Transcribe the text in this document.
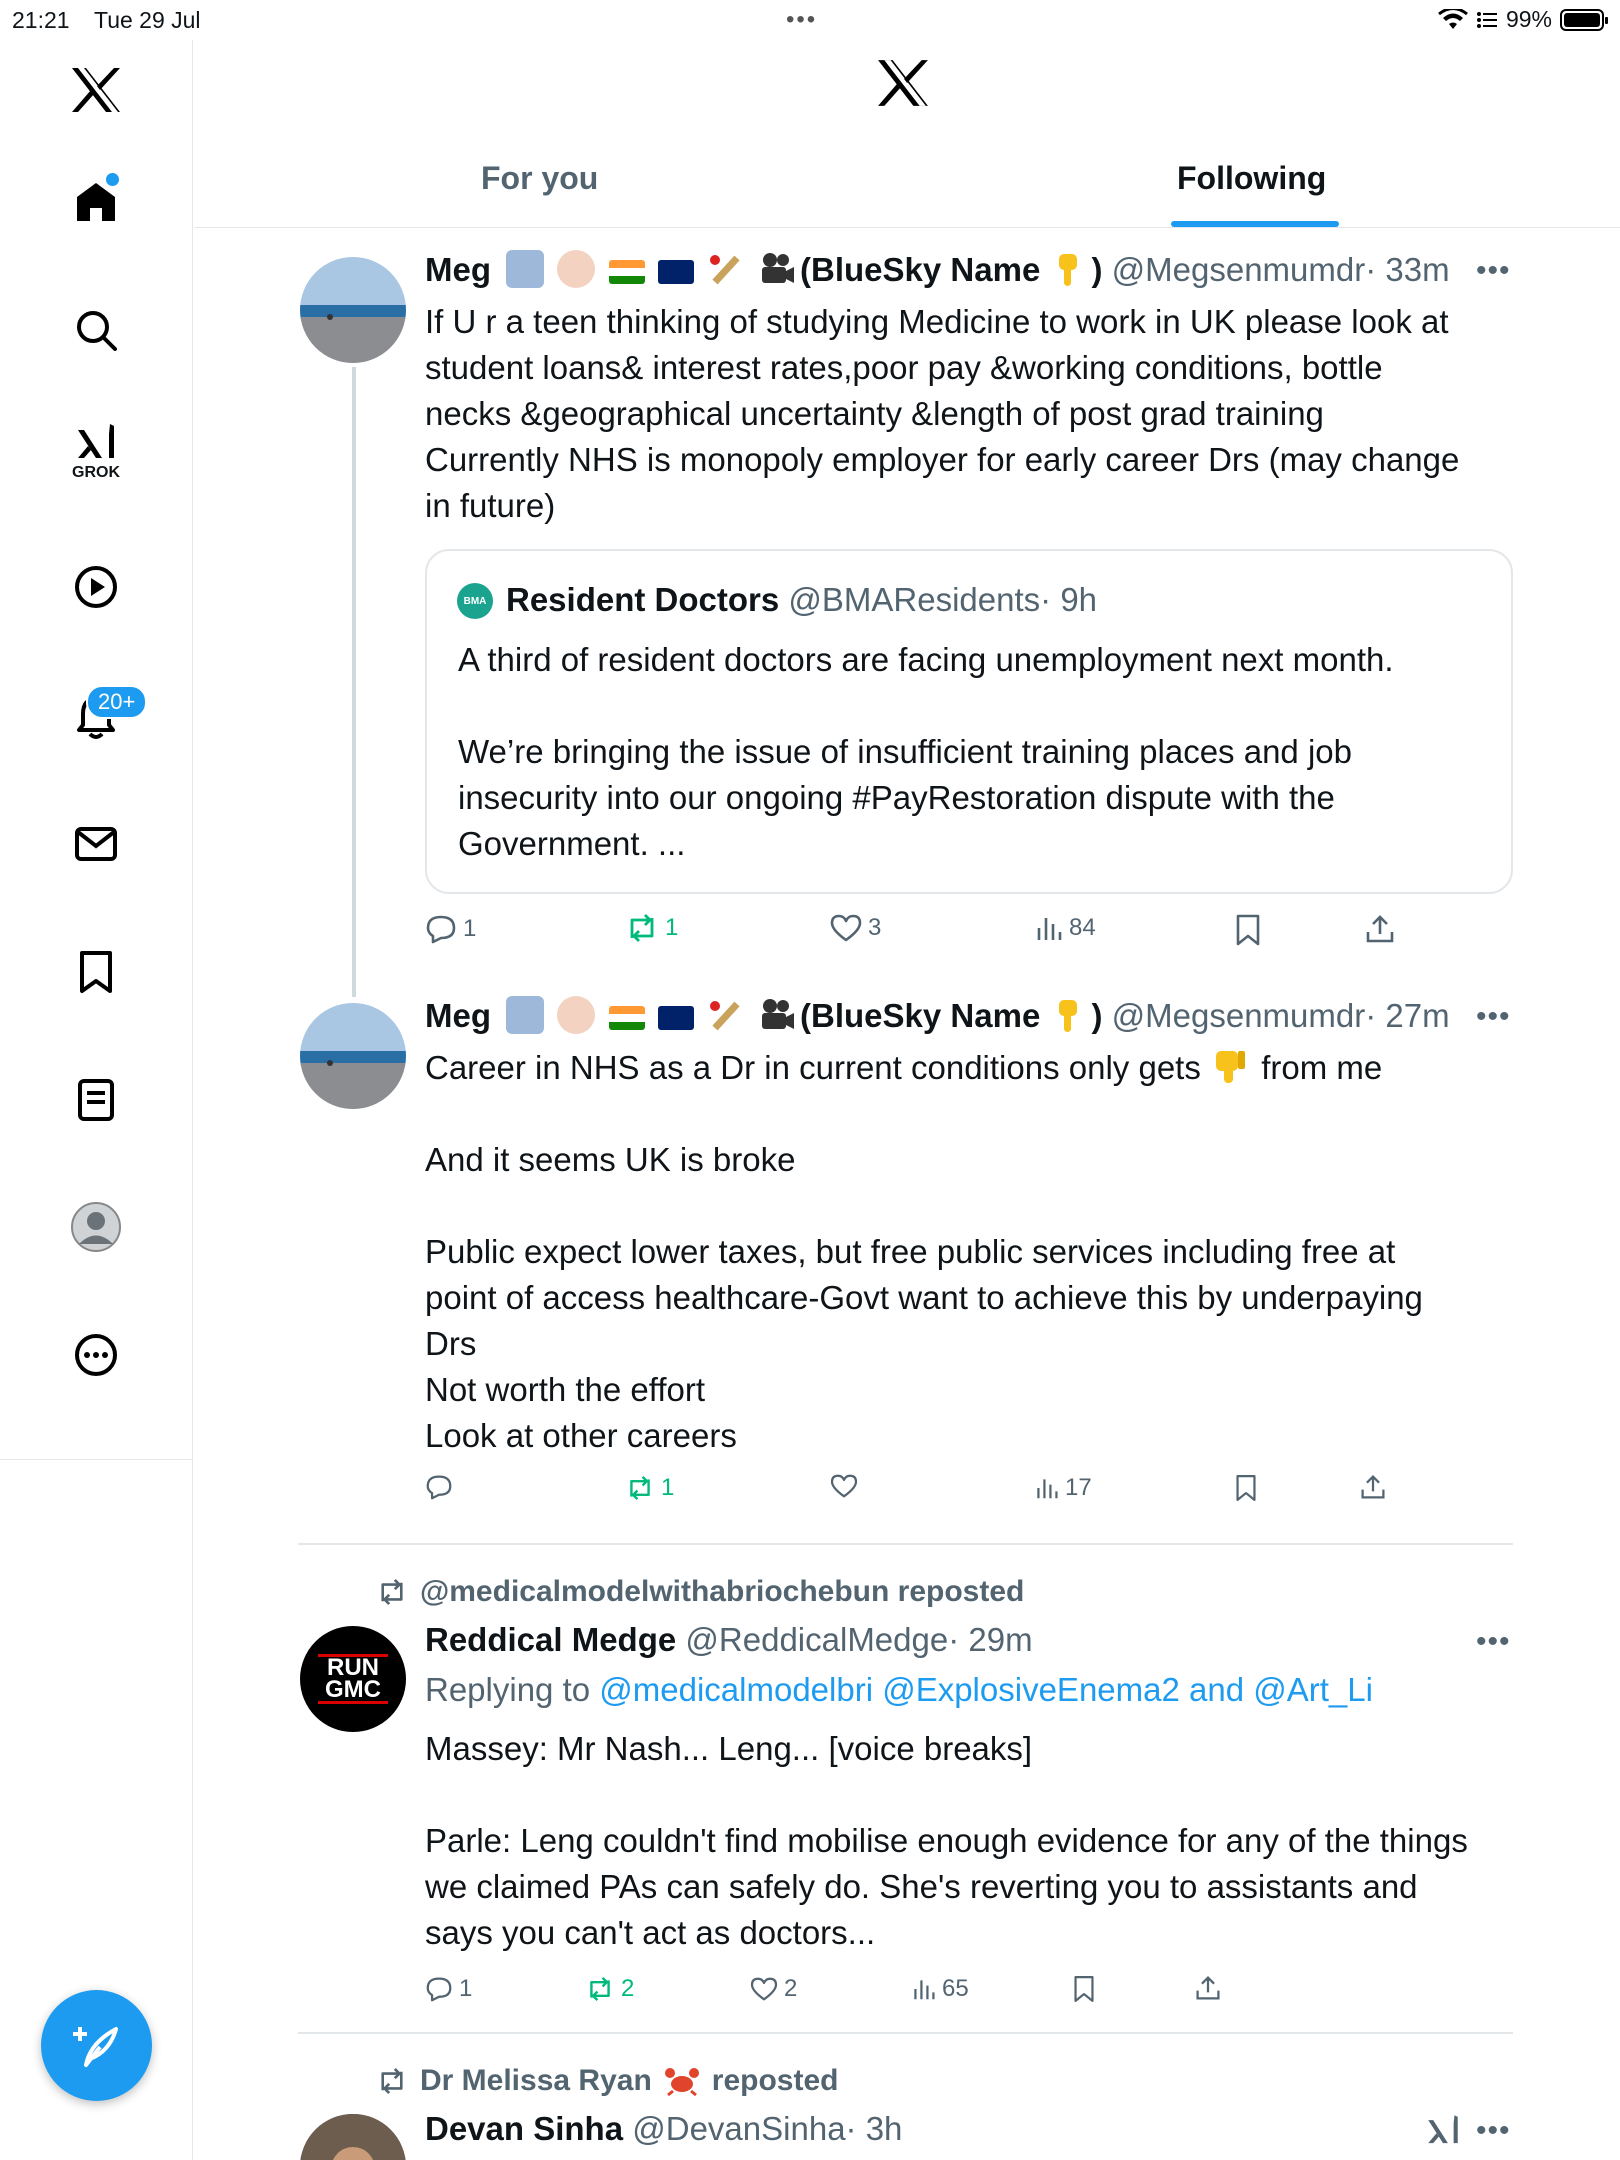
21:21 Tue 29 Jul	•••	99%
GROK
20+
For you	Following
Meg	(BlueSky Name ) @Megsenmumdr· 33m •••

If U r a teen thinking of studying Medicine to work in UK please look at

student loans& interest rates,poor pay &working conditions, bottle

necks &geographical uncertainty &length of post grad training

Currently NHS is monopoly employer for early career Drs (may change

in future)

BMA Resident Doctors @BMAResidents· 9h

A third of resident doctors are facing unemployment next month.

We’re bringing the issue of insufficient training places and job

insecurity into our ongoing #PayRestoration dispute with the

Government. ...

1	1	3	84
Meg	(BlueSky Name ) @Megsenmumdr· 27m •••

Career in NHS as a Dr in current conditions only gets from me

And it seems UK is broke

Public expect lower taxes, but free public services including free at

point of access healthcare-Govt want to achieve this by underpaying

Drs

Not worth the effort

Look at other careers

1	17
@medicalmodelwithabriochebun reposted
RUN GMC
Reddical Medge @ReddicalMedge· 29m	•••
Replying to @medicalmodelbri @ExplosiveEnema2 and @Art_Li

Massey: Mr Nash... Leng... [voice breaks]

Parle: Leng couldn't find mobilise enough evidence for any of the things

we claimed PAs can safely do. She's reverting you to assistants and

says you can't act as doctors...

1	2	2	65
Dr Melissa Ryan reposted
Devan Sinha @DevanSinha· 3h	•••
